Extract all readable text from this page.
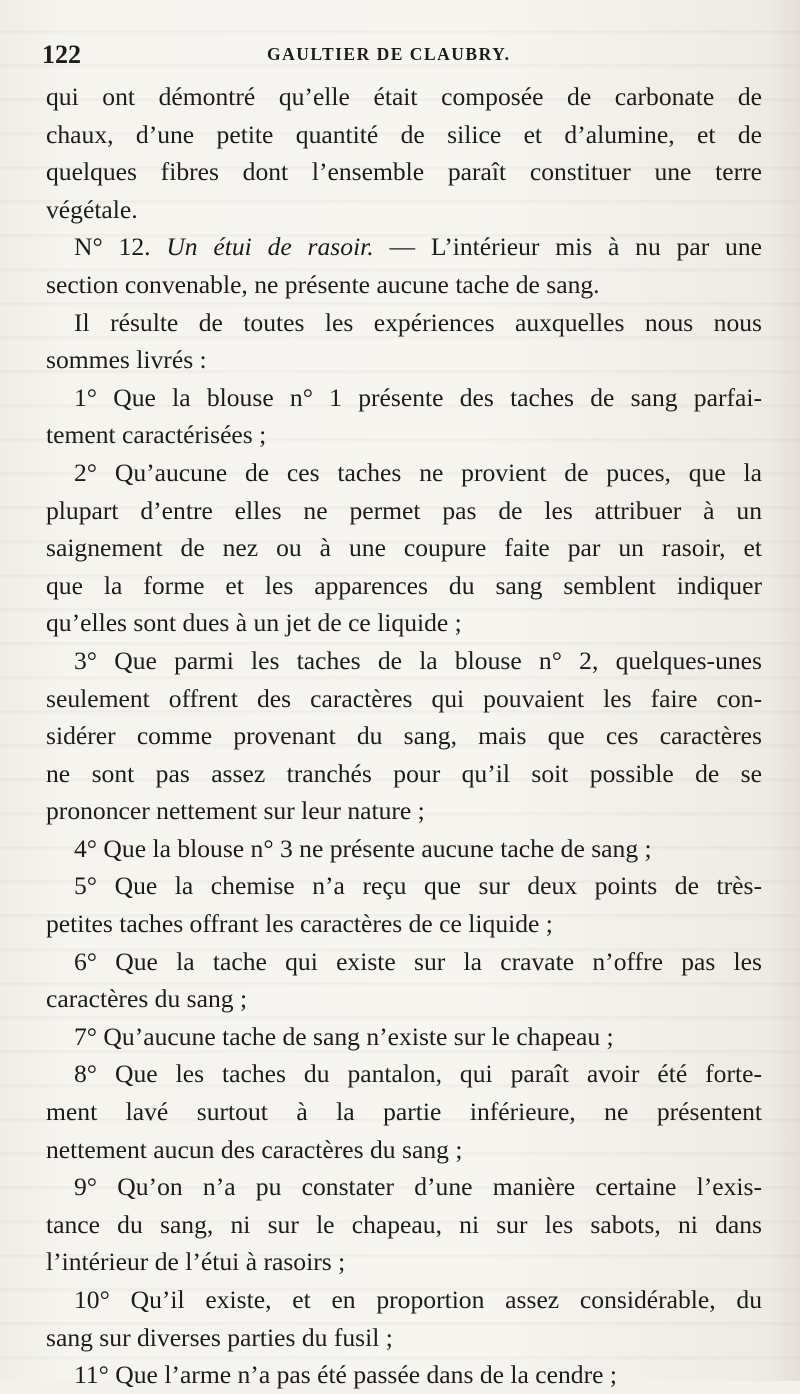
122	GAULTIER DE CLAUBRY.
qui ont démontré qu’elle était composée de carbonate de
chaux, d’une petite quantité de silice et d’alumine, et de
quelques fibres dont l’ensemble paraît constituer une terre
végétale.
N° 12. Un étui de rasoir. — L’intérieur mis à nu par une
section convenable, ne présente aucune tache de sang.
Il résulte de toutes les expériences auxquelles nous nous
sommes livrés :
1° Que la blouse n° 1 présente des taches de sang parfai-
tement caractérisées ;
2° Qu’aucune de ces taches ne provient de puces, que la
plupart d’entre elles ne permet pas de les attribuer à un
saignement de nez ou à une coupure faite par un rasoir, et
que la forme et les apparences du sang semblent indiquer
qu’elles sont dues à un jet de ce liquide ;
3° Que parmi les taches de la blouse n° 2, quelques-unes
seulement offrent des caractères qui pouvaient les faire con-
sidérer comme provenant du sang, mais que ces caractères
ne sont pas assez tranchés pour qu’il soit possible de se
prononcer nettement sur leur nature ;
4° Que la blouse n° 3 ne présente aucune tache de sang ;
5° Que la chemise n’a reçu que sur deux points de très-
petites taches offrant les caractères de ce liquide ;
6° Que la tache qui existe sur la cravate n’offre pas les
caractères du sang ;
7° Qu’aucune tache de sang n’existe sur le chapeau ;
8° Que les taches du pantalon, qui paraît avoir été forte-
ment lavé surtout à la partie inférieure, ne présentent
nettement aucun des caractères du sang ;
9° Qu’on n’a pu constater d’une manière certaine l’exis-
tance du sang, ni sur le chapeau, ni sur les sabots, ni dans
l’intérieur de l’étui à rasoirs ;
10° Qu’il existe, et en proportion assez considérable, du
sang sur diverses parties du fusil ;
11° Que l’arme n’a pas été passée dans de la cendre ;
